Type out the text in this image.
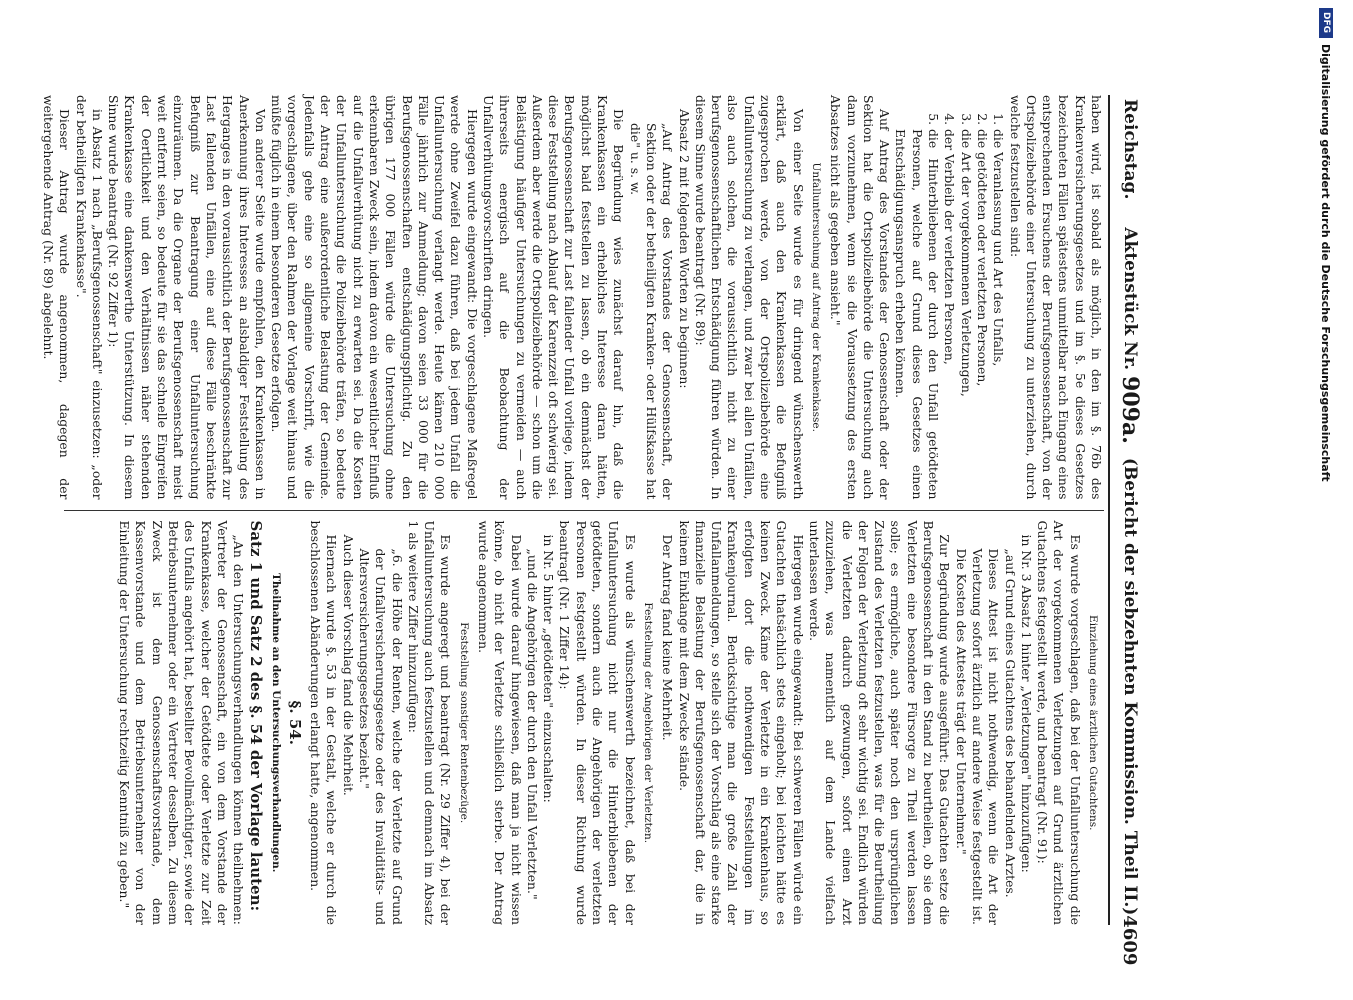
Reichstag.
Aktenstück Nr.
909a.
(Bericht der siebzehnten Kommission. Theil II.)
4609

haben wird, ist sobald als möglich, in den im §. 76b des Krankenversicherungsgesetzes und im §. 5e dieses Gesetzes bezeichneten Fällen spätestens unmittelbar nach Eingang eines entsprechenden Ersuchens der Berufsgenossenschaft, von der Ortspolizeibehörde einer Untersuchung zu unterziehen, durch welche festzustellen sind:

1. die Veranlassung und Art des Unfalls,
2. die getödteten oder verletzten Personen,
3. die Art der vorgekommenen Verletzungen,
4. der Verbleib der verletzten Personen,
5. die Hinterbliebenen der durch den Unfall getödteten Personen, welche auf Grund dieses Gesetzes einen Entschädigungsanspruch erheben können.

Auf Antrag des Vorstandes der Genossenschaft oder der Sektion hat die Ortspolizeibehörde die Untersuchung auch dann vorzunehmen, wenn sie die Voraussetzung des ersten Absatzes nicht als gegeben ansieht."

Unfalluntersuchung auf Antrag der Krankenkasse.

Von einer Seite wurde es für dringend wünschenswerth erklärt, daß auch den Krankenkassen die Befugniß zugesprochen werde, von der Ortspolizeibehörde eine Unfalluntersuchung zu verlangen, und zwar bei allen Unfällen, also auch solchen, die voraussichtlich nicht zu einer berufsgenossenschaftlichen Entschädigung führen würden. In diesem Sinne wurde beantragt (Nr. 89):

Absatz 2 mit folgenden Worten zu beginnen:

„Auf Antrag des Vorstandes der Genossenschaft, der Sektion oder der betheiligten Kranken- oder Hülfskasse hat die" u. s. w.

Die Begründung wies zunächst darauf hin, daß die Krankenkassen ein erhebliches Interesse daran hätten, möglichst bald feststellen zu lassen, ob ein demnächst der Berufsgenossenschaft zur Last fallender Unfall vorliege, indem diese Feststellung nach Ablauf der Karenzzeit oft schwierig sei. Außerdem aber werde die Ortspolizeibehörde — schon um die Belästigung häufiger Untersuchungen zu vermeiden — auch ihrerseits energisch auf die Beobachtung der Unfallverhütungsvorschriften dringen.

Hiergegen wurde eingewandt: Die vorgeschlagene Maßregel werde ohne Zweifel dazu führen, daß bei jedem Unfall die Unfalluntersuchung verlangt werde. Heute kämen 210 000 Fälle jährlich zur Anmeldung; davon seien 33 000 für die Berufsgenossenschaften entschädigungspflichtig. Zu den übrigen 177 000 Fällen würde die Untersuchung ohne erkennbaren Zweck sein, indem davon ein wesentlicher Einfluß auf die Unfallverhütung nicht zu erwarten sei. Da die Kosten der Unfalluntersuchung die Polizeibehörde träfen, so bedeute der Antrag eine außerordentliche Belastung der Gemeinde. Jedenfalls gehe eine so allgemeine Vorschrift, wie die vorgeschlagene, über den Rahmen der Vorlage weit hinaus und müßte füglich in einem besonderen Gesetze erfolgen.

Von anderer Seite wurde empfohlen, den Krankenkassen in Anerkennung ihres Interesses an alsbaldiger Feststellung des Herganges in den voraussichtlich der Berufsgenossenschaft zur Last fallenden Unfällen, eine auf diese Fälle beschränkte Befugniß zur Beantragung einer Unfalluntersuchung einzuräumen. Da die Organe der Berufsgenossenschaft meist weit entfernt seien, so bedeute für sie das schnelle Eingreifen der Oertlichkeit und den Verhältnissen näher stehenden Krankenkasse eine dankenswerthe Unterstützung. In diesem Sinne wurde beantragt (Nr. 92 Ziffer 1):

in Absatz 1 nach „Berufsgenossenschaft" einzusetzen: „oder der betheiligten Krankenkasse".

Dieser Antrag wurde angenommen, dagegen der weitergehende Antrag (Nr. 89) abgelehnt.

Einziehung eines ärztlichen Gutachtens.

Es wurde vorgeschlagen, daß bei der Unfalluntersuchung die Art der vorgekommenen Verletzungen auf Grund ärztlichen Gutachtens festgestellt werde, und beantragt (Nr. 91):

in Nr. 3 Absatz 1 hinter „Verletzungen" hinzuzufügen:

„auf Grund eines Gutachtens des behandelnden Arztes.

Dieses Attest ist nicht nothwendig, wenn die Art der Verletzung sofort ärztlich auf andere Weise festgestellt ist. Die Kosten des Attestes trägt der Unternehmer."

Zur Begründung wurde ausgeführt: Das Gutachten setze die Berufsgenossenschaft in den Stand zu beurtheilen, ob sie dem Verletzten eine besondere Fürsorge zu Theil werden lassen solle; es ermögliche, auch später noch den ursprünglichen Zustand des Verletzten festzustellen, was für die Beurtheilung der Folgen der Verletzung oft sehr wichtig sei. Endlich würden die Verletzten dadurch gezwungen, sofort einen Arzt zuzuziehen, was namentlich auf dem Lande vielfach unterlassen werde.

Hiergegen wurde eingewandt: Bei schweren Fällen würde ein Gutachten thatsächlich stets eingeholt; bei leichten hätte es keinen Zweck. Käme der Verletzte in ein Krankenhaus, so erfolgten dort die nothwendigen Feststellungen im Krankenjournal. Berücksichtige man die große Zahl der Unfallanmeldungen, so stelle sich der Vorschlag als eine starke finanzielle Belastung der Berufsgenossenschaft dar, die in keinem Einklange mit dem Zwecke stände.

Der Antrag fand keine Mehrheit.

Feststellung der Angehörigen der Verletzten.

Es wurde als wünschenswerth bezeichnet, daß bei der Unfalluntersuchung nicht nur die Hinterbliebenen der getödteten, sondern auch die Angehörigen der verletzten Personen festgestellt würden. In dieser Richtung wurde beantragt (Nr. 1 Ziffer 14):

in Nr. 5 hinter „getödteten" einzuschalten:

„und die Angehörigen der durch den Unfall Verletzten."

Dabei wurde darauf hingewiesen, daß man ja nicht wissen könne, ob nicht der Verletzte schließlich sterbe. Der Antrag wurde angenommen.

Feststellung sonstiger Rentenbezüge.

Es wurde angeregt und beantragt (Nr. 29 Ziffer 4), bei der Unfalluntersuchung auch festzustellen und demnach im Absatz 1 als weitere Ziffer hinzuzufügen:

„6. die Höhe der Renten, welche der Verletzte auf Grund der Unfallversicherungsgesetze oder des Invaliditäts- und Altersversicherungsgesetzes bezieht."

Auch dieser Vorschlag fand die Mehrheit.

Hiernach wurde §. 53 in der Gestalt, welche er durch die beschlossenen Abänderungen erlangt hatte, angenommen.

§. 54.

Theilnahme an den Untersuchungsverhandlungen.

Satz 1 und Satz 2 des §. 54 der Vorlage lauten:

„An den Untersuchungsverhandlungen können theilnehmen: Vertreter der Genossenschaft, ein von dem Vorstande der Krankenkasse, welcher der Getödtete oder Verletzte zur Zeit des Unfalls angehört hat, bestellter Bevollmächtigter, sowie der Betriebsunternehmer oder ein Vertreter desselben. Zu diesem Zweck ist dem Genossenschaftsvorstande, dem Kassenvorstande und dem Betriebsunternehmer von der Einleitung der Untersuchung rechtzeitig Kenntniß zu geben."

DFG
Digitalisierung gefördert durch die Deutsche Forschungsgemeinschaft
